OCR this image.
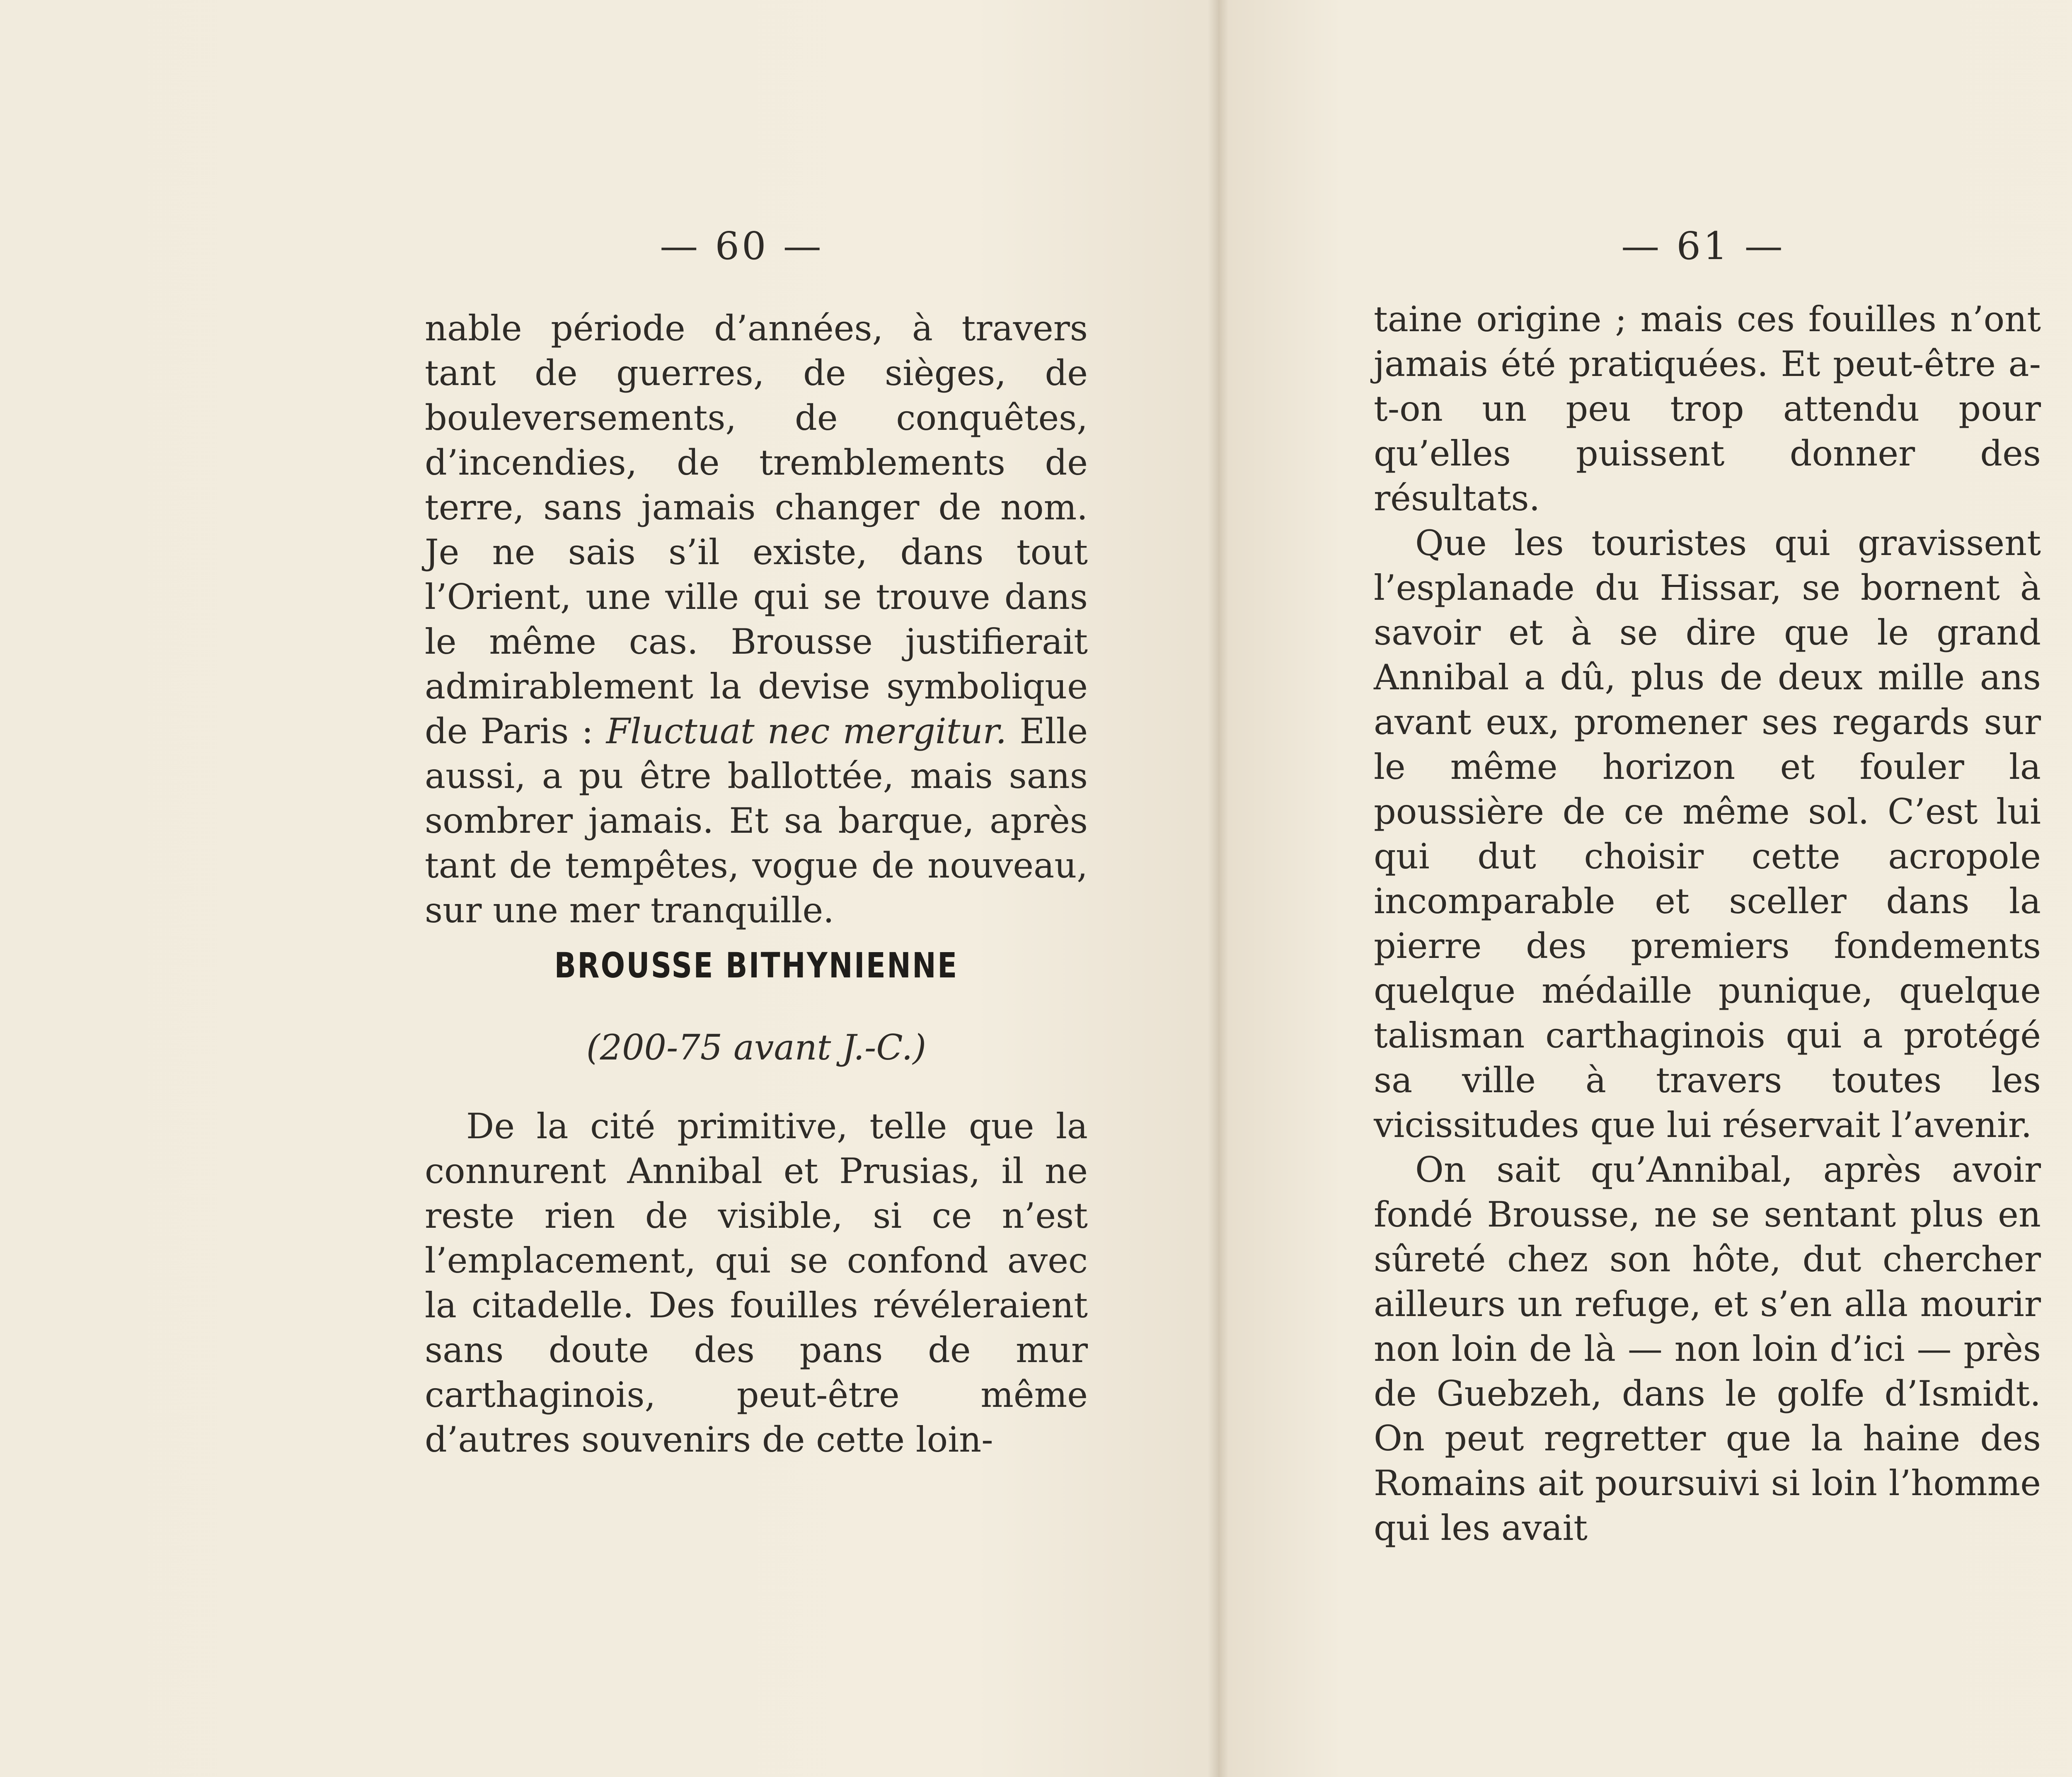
— 60 —

nable période d’années, à travers tant de guerres, de sièges, de bouleversements, de conquêtes, d’incendies, de tremblements de terre, sans jamais changer de nom. Je ne sais s’il existe, dans tout l’Orient, une ville qui se trouve dans le même cas. Brousse justifierait admirablement la devise symbolique de Paris : Fluctuat nec mergitur. Elle aussi, a pu être ballottée, mais sans sombrer jamais. Et sa barque, après tant de tempêtes, vogue de nouveau, sur une mer tranquille.

BROUSSE BITHYNIENNE
(200-75 avant J.-C.)

De la cité primitive, telle que la connurent Annibal et Prusias, il ne reste rien de visible, si ce n’est l’emplacement, qui se confond avec la citadelle. Des fouilles révéleraient sans doute des pans de mur carthaginois, peut-être même d’autres souvenirs de cette loin-

— 61 —

taine origine ; mais ces fouilles n’ont jamais été pratiquées. Et peut-être a-t-on un peu trop attendu pour qu’elles puissent donner des résultats.

Que les touristes qui gravissent l’esplanade du Hissar, se bornent à savoir et à se dire que le grand Annibal a dû, plus de deux mille ans avant eux, promener ses regards sur le même horizon et fouler la poussière de ce même sol. C’est lui qui dut choisir cette acropole incomparable et sceller dans la pierre des premiers fondements quelque médaille punique, quelque talisman carthaginois qui a protégé sa ville à travers toutes les vicissitudes que lui réservait l’avenir.

On sait qu’Annibal, après avoir fondé Brousse, ne se sentant plus en sûreté chez son hôte, dut chercher ailleurs un refuge, et s’en alla mourir non loin de là — non loin d’ici — près de Guebzeh, dans le golfe d’Ismidt. On peut regretter que la haine des Romains ait poursuivi si loin l’homme qui les avait
